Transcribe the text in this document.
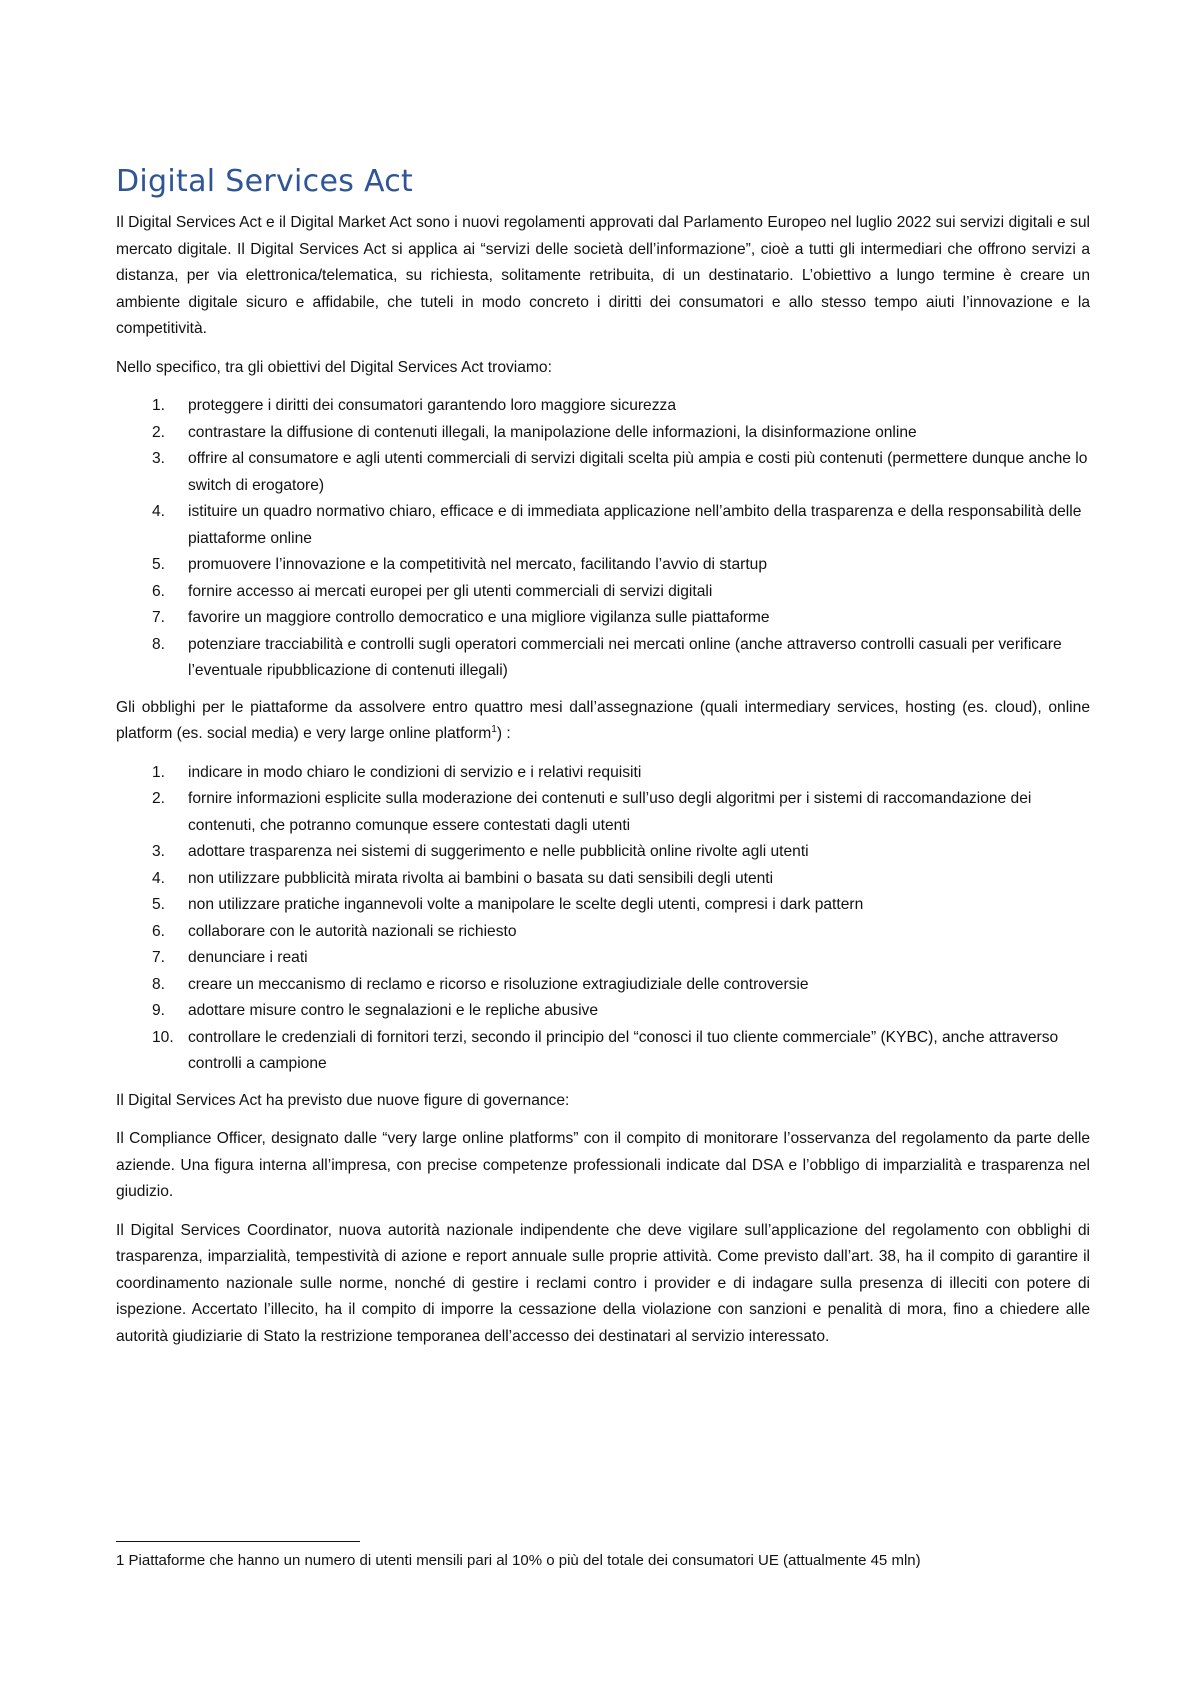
Digital Services Act

Il Digital Services Act e il Digital Market Act sono i nuovi regolamenti approvati dal Parlamento Europeo nel luglio 2022 sui servizi digitali e sul mercato digitale. Il Digital Services Act si applica ai “servizi delle società dell’informazione”, cioè a tutti gli intermediari che offrono servizi a distanza, per via elettronica/telematica, su richiesta, solitamente retribuita, di un destinatario. L’obiettivo a lungo termine è creare un ambiente digitale sicuro e affidabile, che tuteli in modo concreto i diritti dei consumatori e allo stesso tempo aiuti l’innovazione e la competitività.

Nello specifico, tra gli obiettivi del Digital Services Act troviamo:

1. proteggere i diritti dei consumatori garantendo loro maggiore sicurezza
2. contrastare la diffusione di contenuti illegali, la manipolazione delle informazioni, la disinformazione online
3. offrire al consumatore e agli utenti commerciali di servizi digitali scelta più ampia e costi più contenuti (permettere dunque anche lo switch di erogatore)
4. istituire un quadro normativo chiaro, efficace e di immediata applicazione nell’ambito della trasparenza e della responsabilità delle piattaforme online
5. promuovere l’innovazione e la competitività nel mercato, facilitando l’avvio di startup
6. fornire accesso ai mercati europei per gli utenti commerciali di servizi digitali
7. favorire un maggiore controllo democratico e una migliore vigilanza sulle piattaforme
8. potenziare tracciabilità e controlli sugli operatori commerciali nei mercati online (anche attraverso controlli casuali per verificare l’eventuale ripubblicazione di contenuti illegali)

Gli obblighi per le piattaforme da assolvere entro quattro mesi dall’assegnazione (quali intermediary services, hosting (es. cloud), online platform (es. social media) e very large online platform$^1$) :

1. indicare in modo chiaro le condizioni di servizio e i relativi requisiti
2. fornire informazioni esplicite sulla moderazione dei contenuti e sull’uso degli algoritmi per i sistemi di raccomandazione dei contenuti, che potranno comunque essere contestati dagli utenti
3. adottare trasparenza nei sistemi di suggerimento e nelle pubblicità online rivolte agli utenti
4. non utilizzare pubblicità mirata rivolta ai bambini o basata su dati sensibili degli utenti
5. non utilizzare pratiche ingannevoli volte a manipolare le scelte degli utenti, compresi i dark pattern
6. collaborare con le autorità nazionali se richiesto
7. denunciare i reati
8. creare un meccanismo di reclamo e ricorso e risoluzione extragiudiziale delle controversie
9. adottare misure contro le segnalazioni e le repliche abusive
10. controllare le credenziali di fornitori terzi, secondo il principio del “conosci il tuo cliente commerciale” (KYBC), anche attraverso controlli a campione

Il Digital Services Act ha previsto due nuove figure di governance:

Il Compliance Officer, designato dalle “very large online platforms” con il compito di monitorare l’osservanza del regolamento da parte delle aziende. Una figura interna all’impresa, con precise competenze professionali indicate dal DSA e l’obbligo di imparzialità e trasparenza nel giudizio.

Il Digital Services Coordinator, nuova autorità nazionale indipendente che deve vigilare sull’applicazione del regolamento con obblighi di trasparenza, imparzialità, tempestività di azione e report annuale sulle proprie attività. Come previsto dall’art. 38, ha il compito di garantire il coordinamento nazionale sulle norme, nonché di gestire i reclami contro i provider e di indagare sulla presenza di illeciti con potere di ispezione. Accertato l’illecito, ha il compito di imporre la cessazione della violazione con sanzioni e penalità di mora, fino a chiedere alle autorità giudiziarie di Stato la restrizione temporanea dell’accesso dei destinatari al servizio interessato.

1 Piattaforme che hanno un numero di utenti mensili pari al 10% o più del totale dei consumatori UE (attualmente 45 mln)
